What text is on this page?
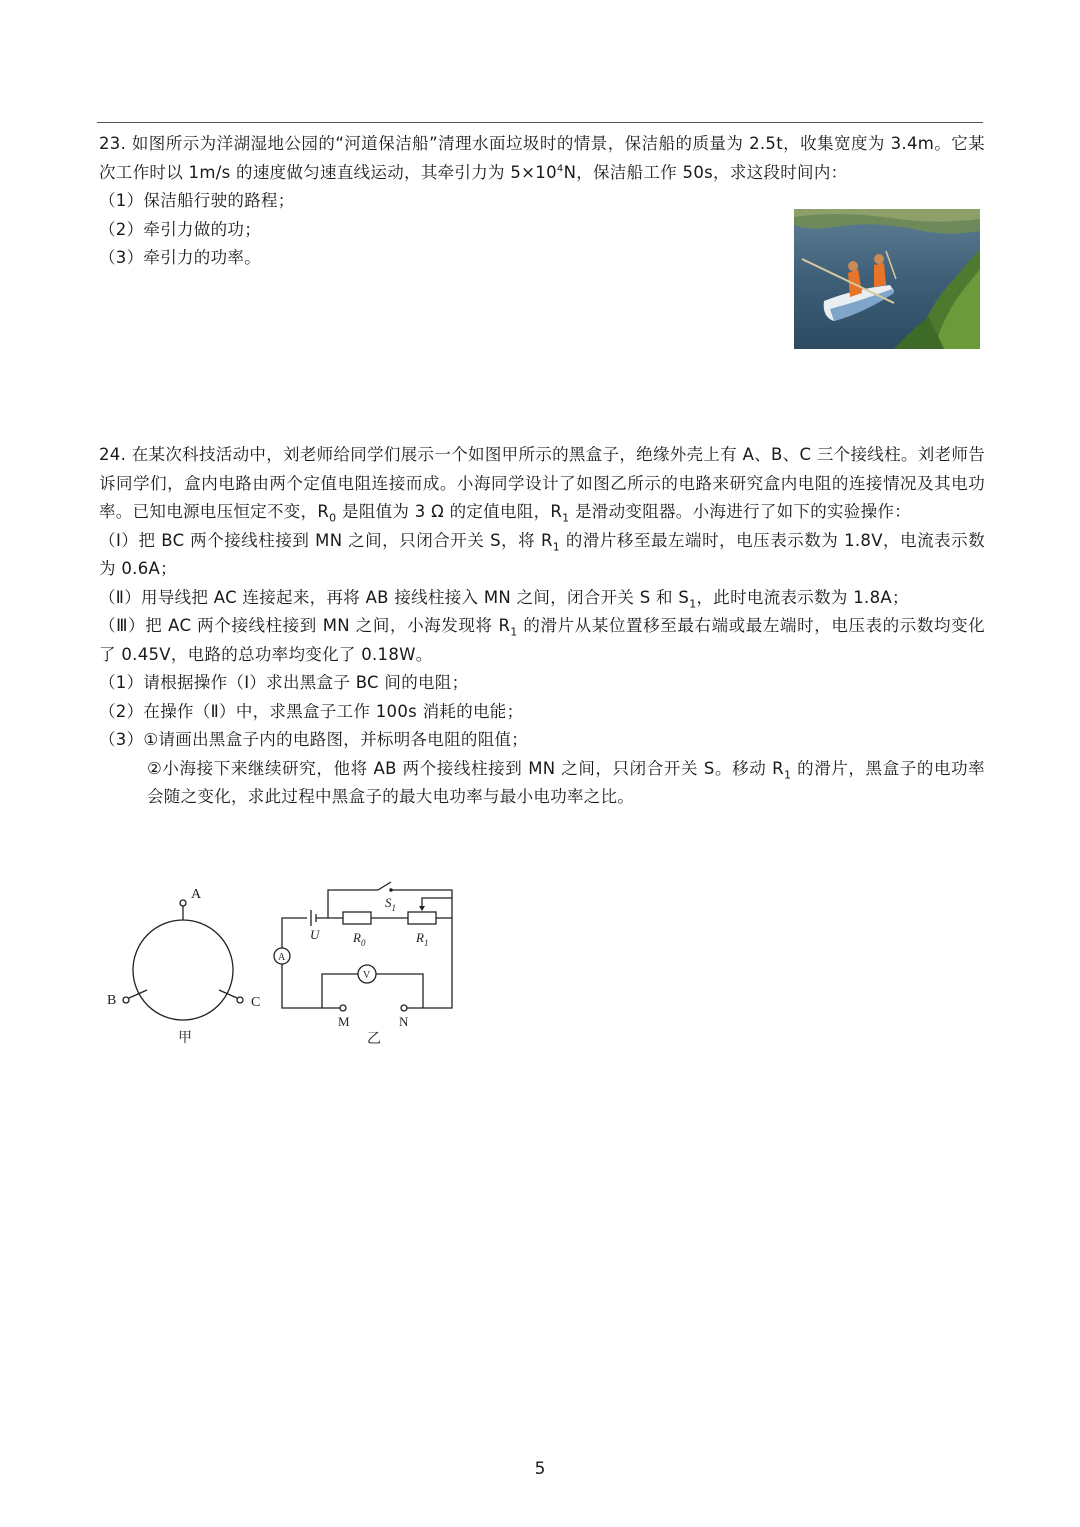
23. 如图所示为洋湖湿地公园的“河道保洁船”清理水面垃圾时的情景，保洁船的质量为 2.5t，收集宽度为 3.4m。它某次工作时以 1m/s 的速度做匀速直线运动，其牵引力为 $5\times 10^4N$，保洁船工作 50s，求这段时间内：

（1）保洁船行驶的路程；

（2）牵引力做的功；

（3）牵引力的功率。

24. 在某次科技活动中，刘老师给同学们展示一个如图甲所示的黑盒子，绝缘外壳上有 A、B、C 三个接线柱。刘老师告诉同学们，盒内电路由两个定值电阻连接而成。小海同学设计了如图乙所示的电路来研究盒内电阻的连接情况及其电功率。已知电源电压恒定不变，$R_0$ 是阻值为 3 Ω 的定值电阻，$R_1$ 是滑动变阻器。小海进行了如下的实验操作：

（Ⅰ）把 BC 两个接线柱接到 MN 之间，只闭合开关 S，将 $R_1$ 的滑片移至最左端时，电压表示数为 1.8V，电流表示数为 0.6A；

（Ⅱ）用导线把 AC 连接起来，再将 AB 接线柱接入 MN 之间，闭合开关 S 和 $S_1$，此时电流表示数为 1.8A；

（Ⅲ）把 AC 两个接线柱接到 MN 之间，小海发现将 $R_1$ 的滑片从某位置移至最右端或最左端时，电压表的示数均变化了 0.45V，电路的总功率均变化了 0.18W。

（1）请根据操作（Ⅰ）求出黑盒子 BC 间的电阻；

（2）在操作（Ⅱ）中，求黑盒子工作 100s 消耗的电能；

（3）①请画出黑盒子内的电路图，并标明各电阻的阻值；

②小海接下来继续研究，他将 AB 两个接线柱接到 MN 之间，只闭合开关 S。移动 $R_1$ 的滑片，黑盒子的电功率会随之变化，求此过程中黑盒子的最大电功率与最小电功率之比。

A
B	C
甲
A
V
$S_1$
U	$R_0$	$R_1$
M	N
乙
5
